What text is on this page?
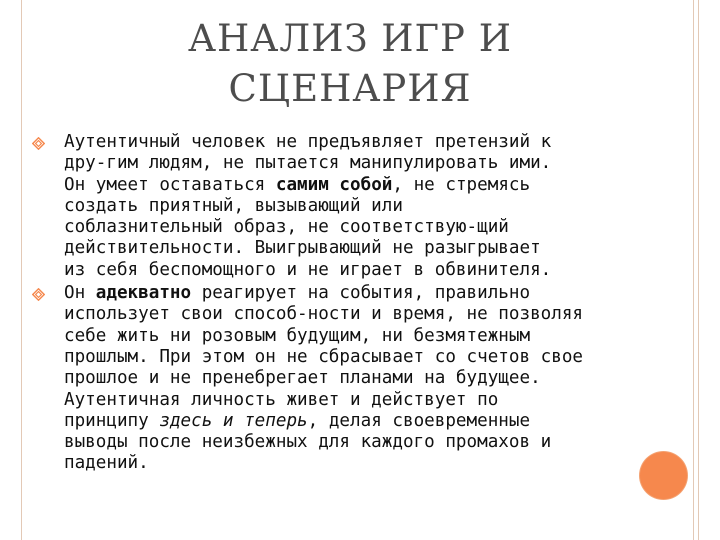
АНАЛИЗ ИГР И
СЦЕНАРИЯ
Аутентичный человек не предъявляет претензий к
дру-гим людям, не пытается манипулировать ими.
Он умеет оставаться самим собой, не стремясь
создать приятный, вызывающий или
соблазнительный образ, не соответствую-щий
действительности. Выигрывающий не разыгрывает
из себя беспомощного и не играет в обвинителя.
Он адекватно реагирует на события, правильно
использует свои способ-ности и время, не позволяя
себе жить ни розовым будущим, ни безмятежным
прошлым. При этом он не сбрасывает со счетов свое
прошлое и не пренебрегает планами на будущее.
Аутентичная личность живет и действует по
принципу здесь и теперь, делая своевременные
выводы после неизбежных для каждого промахов и
падений.
